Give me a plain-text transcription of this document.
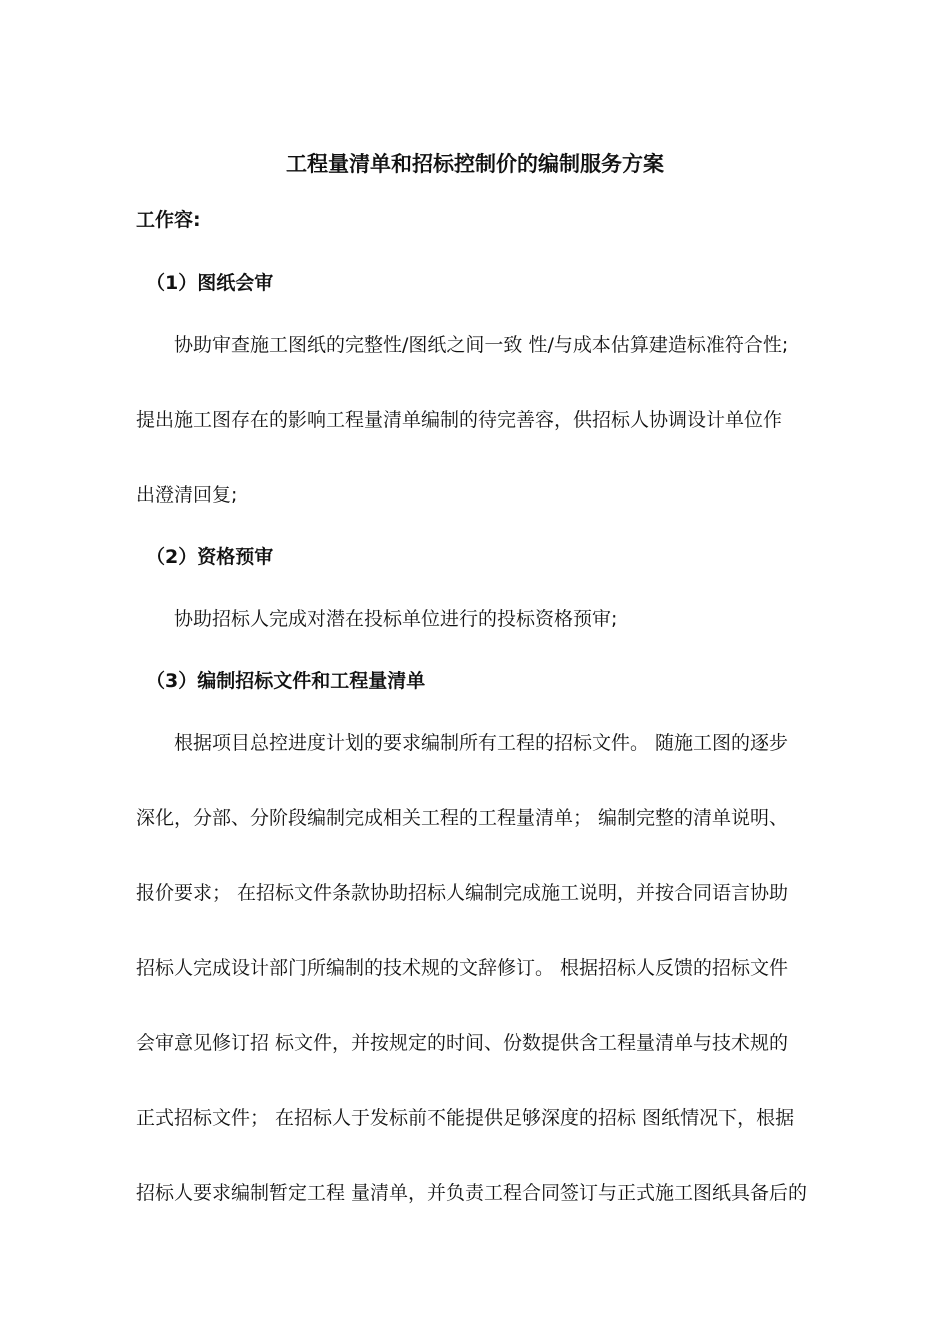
工程量清单和招标控制价的编制服务方案
工作容:
（1）图纸会审
协助审查施工图纸的完整性/图纸之间一致 性/与成本估算建造标准符合性;
提出施工图存在的影响工程量清单编制的待完善容，供招标人协调设计单位作
出澄清回复;
（2）资格预审
协助招标人完成对潜在投标单位进行的投标资格预审;
（3）编制招标文件和工程量清单
根据项目总控进度计划的要求编制所有工程的招标文件。 随施工图的逐步
深化，分部、分阶段编制完成相关工程的工程量清单； 编制完整的清单说明、
报价要求； 在招标文件条款协助招标人编制完成施工说明，并按合同语言协助
招标人完成设计部门所编制的技术规的文辞修订。 根据招标人反馈的招标文件
会审意见修订招 标文件，并按规定的时间、份数提供含工程量清单与技术规的
正式招标文件； 在招标人于发标前不能提供足够深度的招标 图纸情况下，根据
招标人要求编制暂定工程 量清单，并负责工程合同签订与正式施工图纸具备后的
